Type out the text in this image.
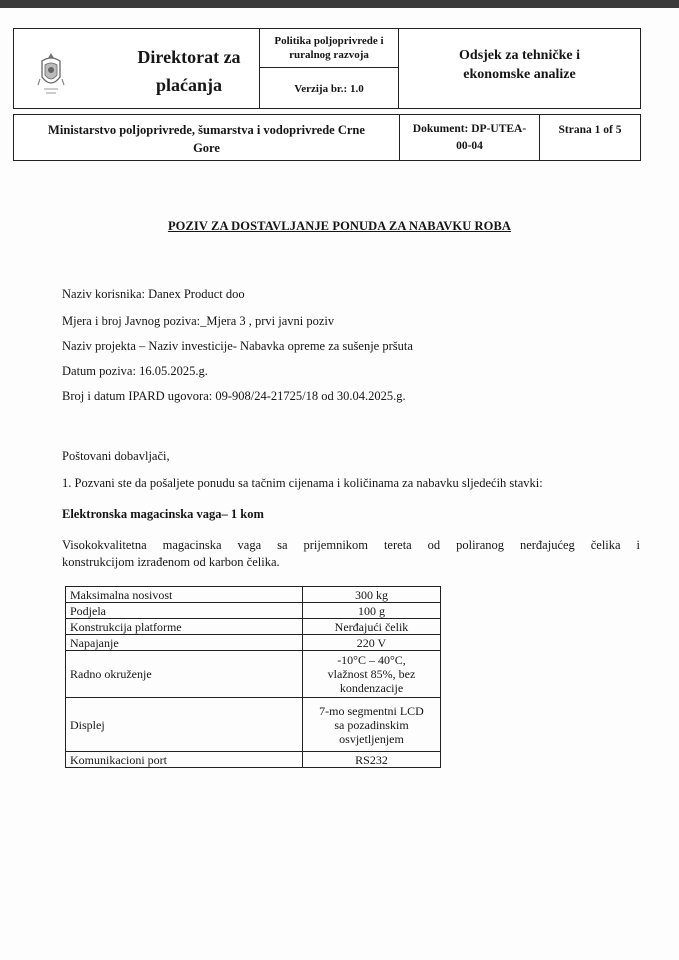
Direktorat za
plaćanja
Politika poljoprivrede i
ruralnog razvoja
Verzija br.: 1.0
Odsjek za tehničke i
ekonomske analize
Ministarstvo poljoprivrede, šumarstva i vodoprivrede Crne
Gore
Dokument: DP-UTEA-
00-04
Strana 1 of 5
POZIV ZA DOSTAVLJANJE PONUDA ZA NABAVKU ROBA
Naziv korisnika: Danex Product doo
Mjera i broj Javnog poziva:_Mjera 3 , prvi javni poziv
Naziv projekta – Naziv investicije- Nabavka opreme za sušenje pršuta
Datum poziva: 16.05.2025.g.
Broj i datum IPARD ugovora: 09-908/24-21725/18 od 30.04.2025.g.
Poštovani dobavljači,
1. Pozvani ste da pošaljete ponudu sa tačnim cijenama i količinama za nabavku sljedećih stavki:
Elektronska magacinska vaga– 1 kom
Visokokvalitetna magacinska vaga sa prijemnikom tereta od poliranog nerđajućeg čelika i
konstrukcijom izrađenom od karbon čelika.
Maksimalna nosivost	300 kg

Podjela	100 g

Konstrukcija platforme	Nerđajući čelik

Napajanje	220 V

Radno okruženje	-10°C – 40°C,
vlažnost 85%, bez
kondenzacije

Displej	7-mo segmentni LCD
sa pozadinskim
osvjetljenjem

Komunikacioni port	RS232
